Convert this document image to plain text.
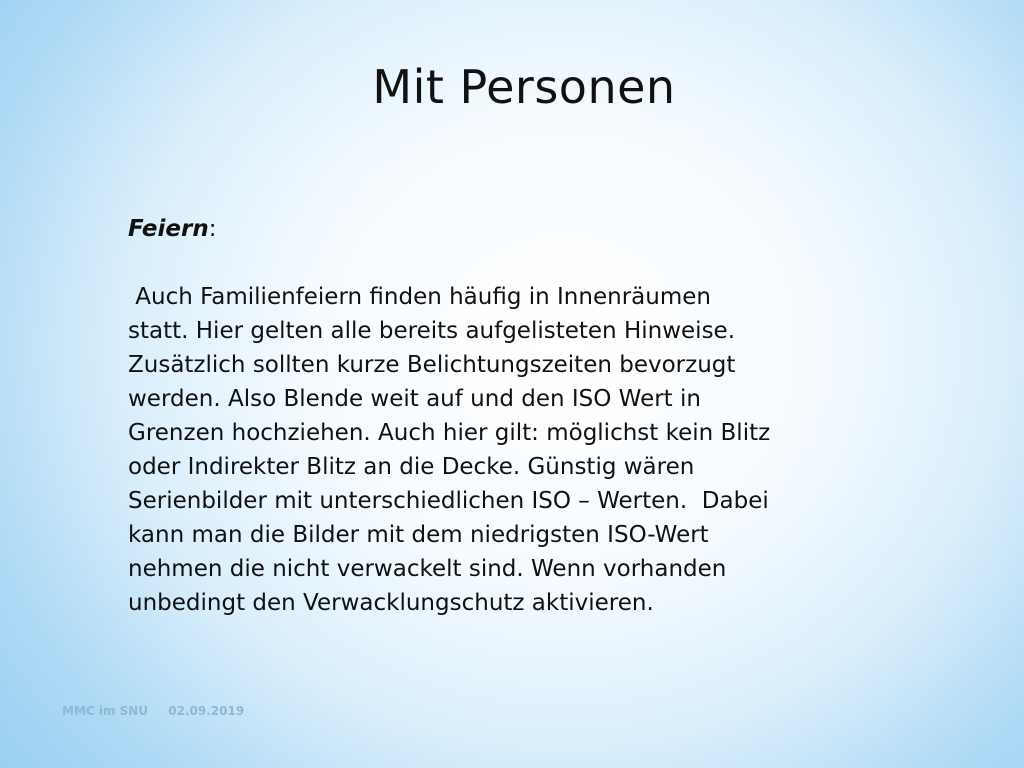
Mit Personen
Feiern:
Auch Familienfeiern finden häufig in Innenräumen
statt. Hier gelten alle bereits aufgelisteten Hinweise.
Zusätzlich sollten kurze Belichtungszeiten bevorzugt
werden. Also Blende weit auf und den ISO Wert in
Grenzen hochziehen. Auch hier gilt: möglichst kein Blitz
oder Indirekter Blitz an die Decke. Günstig wären
Serienbilder mit unterschiedlichen ISO – Werten.  Dabei
kann man die Bilder mit dem niedrigsten ISO-Wert
nehmen die nicht verwackelt sind. Wenn vorhanden
unbedingt den Verwacklungschutz aktivieren.
MMC im SNU 02.09.2019
